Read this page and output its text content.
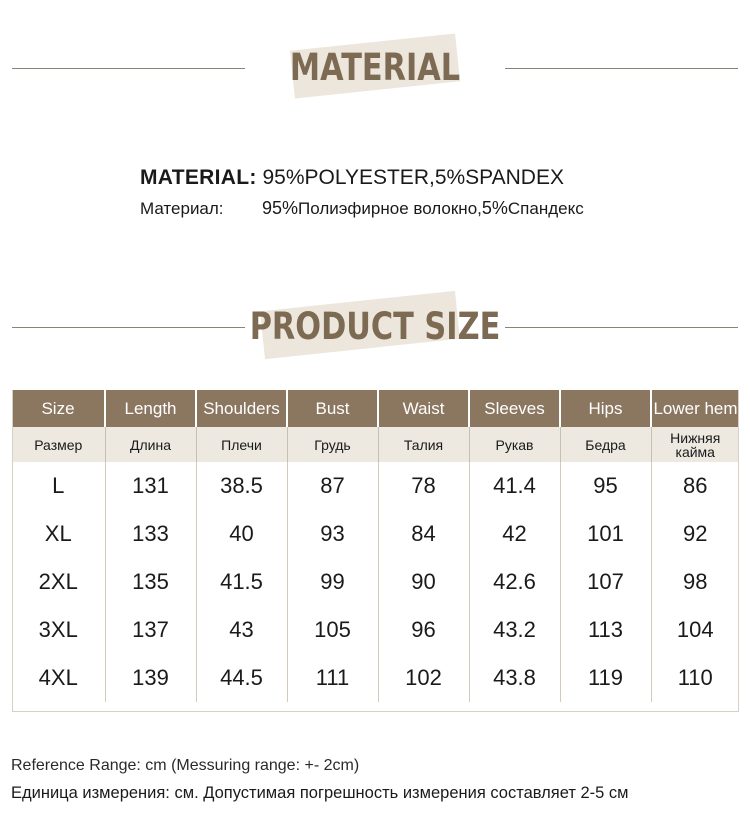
MATERIAL
MATERIAL: 95%POLYESTER,5%SPANDEX
Материал: 95%Полиэфирное волокно,5%Спандекс
PRODUCT SIZE
Size	Length	Shoulders	Bust	Waist	Sleeves	Hips	Lower hem
Размер	Длина	Плечи	Грудь	Талия	Рукав	Бедра	Нижняя кайма
L	131	38.5	87	78	41.4	95	86
XL	133	40	93	84	42	101	92
2XL	135	41.5	99	90	42.6	107	98
3XL	137	43	105	96	43.2	113	104
4XL	139	44.5	111	102	43.8	119	110
Reference Range: cm (Messuring range: +- 2cm)
Единица измерения: см. Допустимая погрешность измерения составляет 2-5 см
